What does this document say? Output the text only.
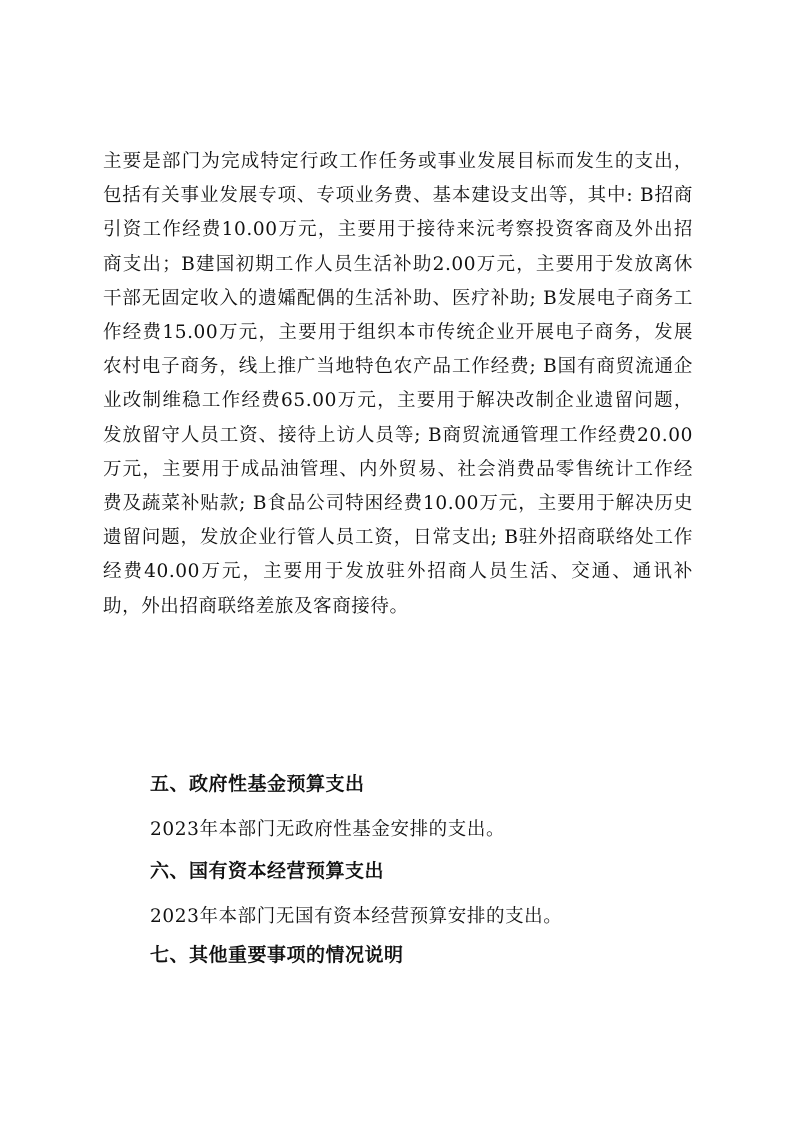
主要是部门为完成特定行政工作任务或事业发展目标而发生的支出，包括有关事业发展专项、专项业务费、基本建设支出等，其中: B招商引资工作经费10.00万元，主要用于接待来沅考察投资客商及外出招商支出；B建国初期工作人员生活补助2.00万元，主要用于发放离休干部无固定收入的遗孀配偶的生活补助、医疗补助; B发展电子商务工作经费15.00万元，主要用于组织本市传统企业开展电子商务，发展农村电子商务，线上推广当地特色农产品工作经费; B国有商贸流通企业改制维稳工作经费65.00万元，主要用于解决改制企业遗留问题，发放留守人员工资、接待上访人员等; B商贸流通管理工作经费20.00万元，主要用于成品油管理、内外贸易、社会消费品零售统计工作经费及蔬菜补贴款; B食品公司特困经费10.00万元，主要用于解决历史遗留问题，发放企业行管人员工资，日常支出; B驻外招商联络处工作经费40.00万元，主要用于发放驻外招商人员生活、交通、通讯补助，外出招商联络差旅及客商接待。

五、政府性基金预算支出

2023年本部门无政府性基金安排的支出。

六、国有资本经营预算支出

2023年本部门无国有资本经营预算安排的支出。

七、其他重要事项的情况说明
